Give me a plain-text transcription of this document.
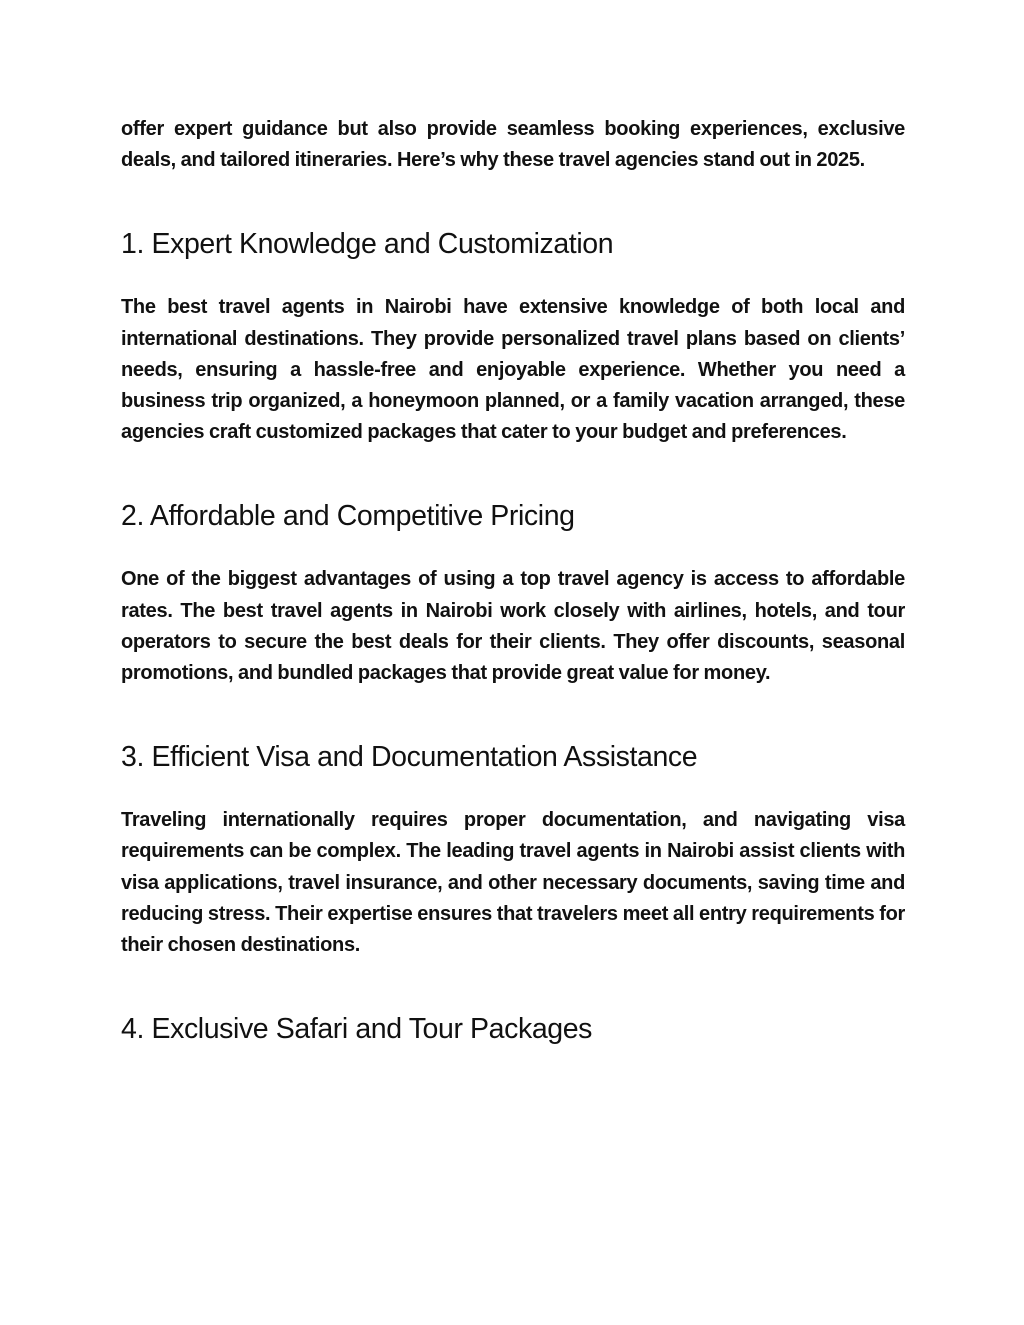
offer expert guidance but also provide seamless booking experiences, exclusive deals, and tailored itineraries. Here’s why these travel agencies stand out in 2025.

1. Expert Knowledge and Customization

The best travel agents in Nairobi have extensive knowledge of both local and international destinations. They provide personalized travel plans based on clients’ needs, ensuring a hassle-free and enjoyable experience. Whether you need a business trip organized, a honeymoon planned, or a family vacation arranged, these agencies craft customized packages that cater to your budget and preferences.

2. Affordable and Competitive Pricing

One of the biggest advantages of using a top travel agency is access to affordable rates. The best travel agents in Nairobi work closely with airlines, hotels, and tour operators to secure the best deals for their clients. They offer discounts, seasonal promotions, and bundled packages that provide great value for money.

3. Efficient Visa and Documentation Assistance

Traveling internationally requires proper documentation, and navigating visa requirements can be complex. The leading travel agents in Nairobi assist clients with visa applications, travel insurance, and other necessary documents, saving time and reducing stress. Their expertise ensures that travelers meet all entry requirements for their chosen destinations.

4. Exclusive Safari and Tour Packages
